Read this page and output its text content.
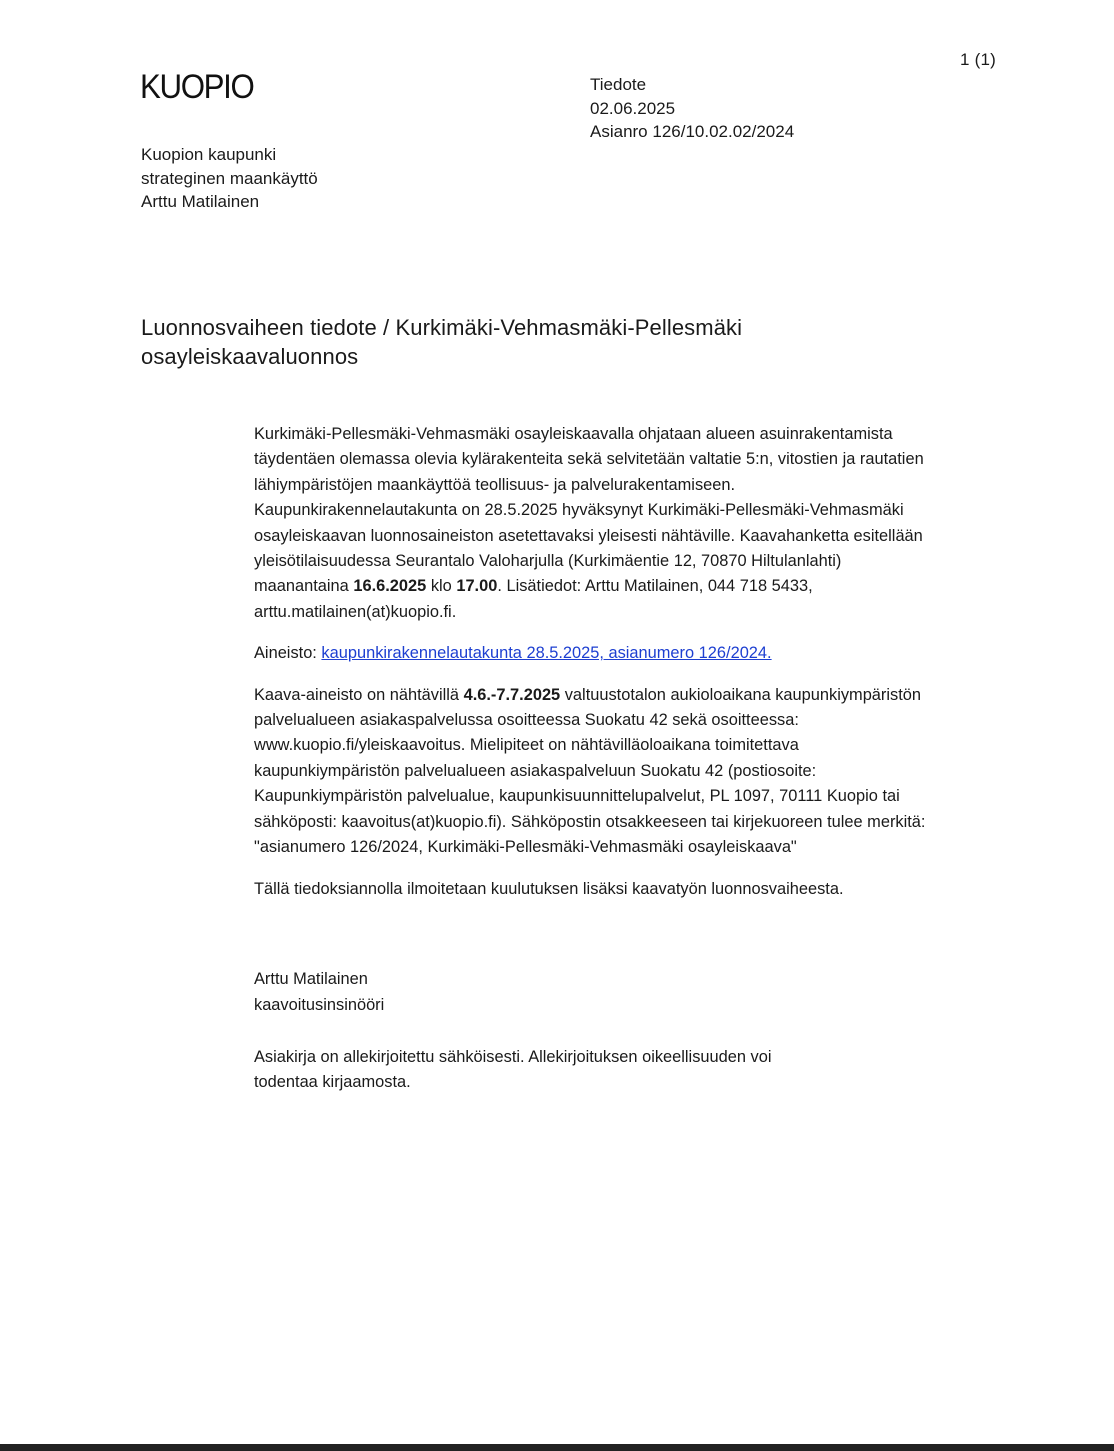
1 (1)
KUOPIO	Tiedote
02.06.2025
Asianro 126/10.02.02/2024
Kuopion kaupunki
strateginen maankäyttö
Arttu Matilainen
Luonnosvaiheen tiedote / Kurkimäki-Vehmasmäki-Pellesmäki
osayleiskaavaluonnos

Kurkimäki-Pellesmäki-Vehmasmäki osayleiskaavalla ohjataan alueen asuinrakentamista
täydentäen olemassa olevia kylärakenteita sekä selvitetään valtatie 5:n, vitostien ja rautatien
lähiympäristöjen maankäyttöä teollisuus- ja palvelurakentamiseen.
Kaupunkirakennelautakunta on 28.5.2025 hyväksynyt Kurkimäki-Pellesmäki-Vehmasmäki
osayleiskaavan luonnosaineiston asetettavaksi yleisesti nähtäville. Kaavahanketta esitellään
yleisötilaisuudessa Seurantalo Valoharjulla (Kurkimäentie 12, 70870 Hiltulanlahti)
maanantaina 16.6.2025 klo 17.00. Lisätiedot: Arttu Matilainen, 044 718 5433,
arttu.matilainen(at)kuopio.fi.

Aineisto: kaupunkirakennelautakunta 28.5.2025, asianumero 126/2024.

Kaava-aineisto on nähtävillä 4.6.-7.7.2025 valtuustotalon aukioloaikana kaupunkiympäristön
palvelualueen asiakaspalvelussa osoitteessa Suokatu 42 sekä osoitteessa:
www.kuopio.fi/yleiskaavoitus. Mielipiteet on nähtävilläoloaikana toimitettava
kaupunkiympäristön palvelualueen asiakaspalveluun Suokatu 42 (postiosoite:
Kaupunkiympäristön palvelualue, kaupunkisuunnittelupalvelut, PL 1097, 70111 Kuopio tai
sähköposti: kaavoitus(at)kuopio.fi). Sähköpostin otsakkeeseen tai kirjekuoreen tulee merkitä:
"asianumero 126/2024, Kurkimäki-Pellesmäki-Vehmasmäki osayleiskaava"

Tällä tiedoksiannolla ilmoitetaan kuulutuksen lisäksi kaavatyön luonnosvaiheesta.

Arttu Matilainen
kaavoitusinsinööri
Asiakirja on allekirjoitettu sähköisesti. Allekirjoituksen oikeellisuuden voi
todentaa kirjaamosta.
